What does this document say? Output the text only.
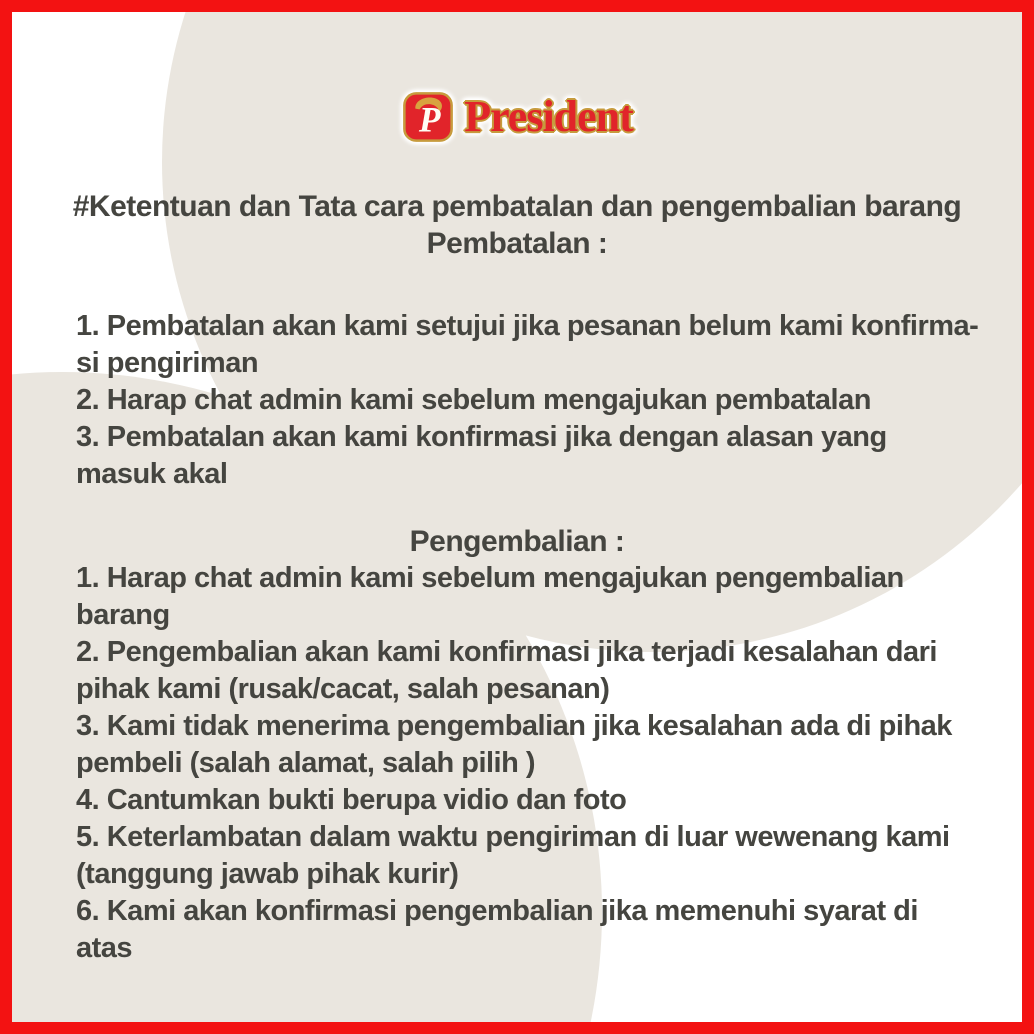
P President
#Ketentuan dan Tata cara pembatalan dan pengembalian barang
Pembatalan :
1. Pembatalan akan kami setujui jika pesanan belum kami konfirma-
si pengiriman
2. Harap chat admin kami sebelum mengajukan pembatalan
3. Pembatalan akan kami konfirmasi jika dengan alasan yang
masuk akal
Pengembalian :
1. Harap chat admin kami sebelum mengajukan pengembalian
barang
2. Pengembalian akan kami konfirmasi jika terjadi kesalahan dari
pihak kami (rusak/cacat, salah pesanan)
3. Kami tidak menerima pengembalian jika kesalahan ada di pihak
pembeli (salah alamat, salah pilih )
4. Cantumkan bukti berupa vidio dan foto
5. Keterlambatan dalam waktu pengiriman di luar wewenang kami
(tanggung jawab pihak kurir)
6. Kami akan konfirmasi pengembalian jika memenuhi syarat di
atas
